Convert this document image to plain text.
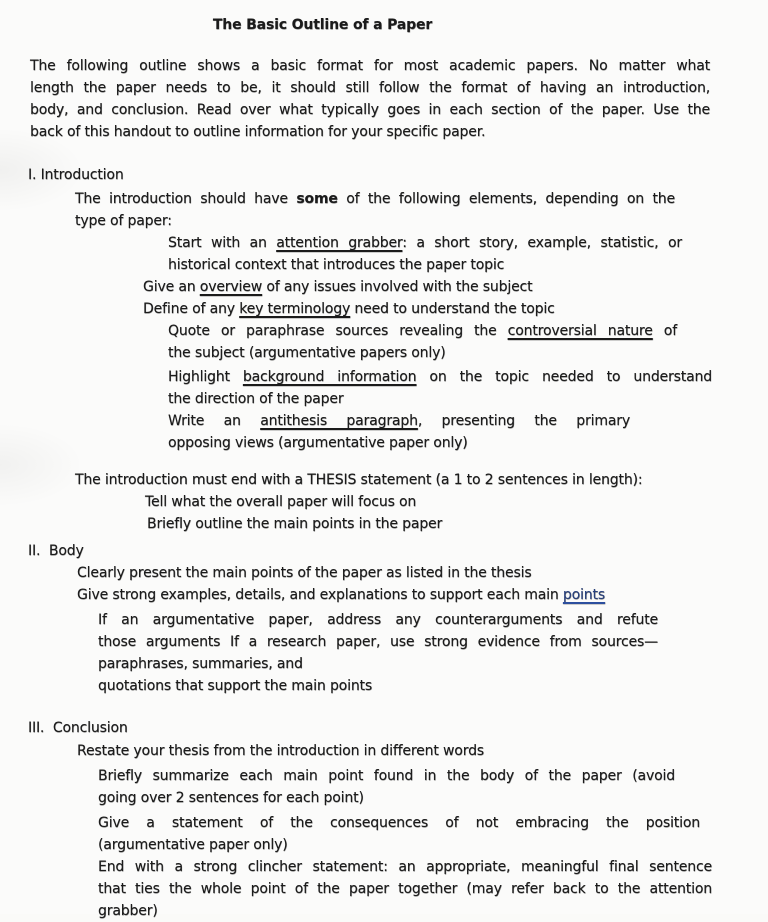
The Basic Outline of a Paper
The following outline shows a basic format for most academic papers. No matter what
length the paper needs to be, it should still follow the format of having an introduction,
body, and conclusion. Read over what typically goes in each section of the paper. Use the
back of this handout to outline information for your specific paper.
I. Introduction
The introduction should have some of the following elements, depending on the
type of paper:
Start with an attention grabber: a short story, example, statistic, or
historical context that introduces the paper topic
Give an overview of any issues involved with the subject
Define of any key terminology need to understand the topic
Quote or paraphrase sources revealing the controversial nature of
the subject (argumentative papers only)
Highlight background information on the topic needed to understand
the direction of the paper
Write an antithesis paragraph, presenting the primary
opposing views (argumentative paper only)
The introduction must end with a THESIS statement (a 1 to 2 sentences in length):
Tell what the overall paper will focus on
Briefly outline the main points in the paper
II.  Body
Clearly present the main points of the paper as listed in the thesis
Give strong examples, details, and explanations to support each main points
If an argumentative paper, address any counterarguments and refute
those arguments If a research paper, use strong evidence from sources—
paraphrases, summaries, and
quotations that support the main points
III.  Conclusion
Restate your thesis from the introduction in different words
Briefly summarize each main point found in the body of the paper (avoid
going over 2 sentences for each point)
Give a statement of the consequences of not embracing the position
(argumentative paper only)
End with a strong clincher statement: an appropriate, meaningful final sentence
that ties the whole point of the paper together (may refer back to the attention
grabber)
